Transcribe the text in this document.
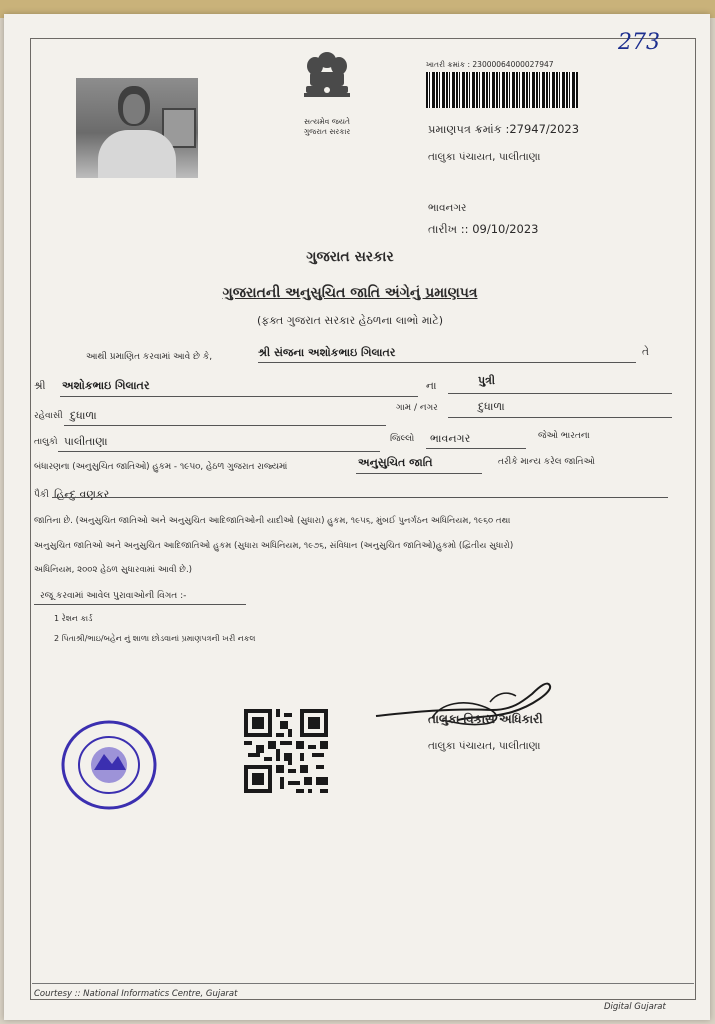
273
સત્યમેવ જયતે
ગુજરાત સરકાર
ખાતરી ક્રમાંક : 23000064000027947
પ્રમાણપત્ર ક્રમાંક :27947/2023
તાલુકા પંચાયત, પાલીતાણા
ભાવનગર
તારીખ :: 09/10/2023
ગુજરાત સરકાર
ગુજરાતની અનુસુચિત જાતિ અંગેનું પ્રમાણપત્ર
(ફક્ત ગુજરાત સરકાર હેઠળના લાભો માટે)
આથી પ્રમાણિત કરવામાં આવે છે કે,	શ્રી સંજના અશોકભાઇ ગિલાતર	તે
શ્રી અશોકભાઇ ગિલાતર	ના	પુત્રી
રહેવાસી દુધાળા
ગામ / નગર	દુધાળા
તાલુકો પાલીતાણા	જિલ્લો ભાવનગર	જેઓ ભારતના
બંધારણના (અનુસુચિત જાતિઓ) હુકમ - ૧૯૫૦, હેઠળ ગુજરાત રાજ્યમાં	અનુસુચિત જાતિ	તરીકે માન્ય કરેલ જાતિઓ
પૈકી હિન્દુ વણકર
જાતિના છે. (અનુસુચિત જાતિઓ અને અનુસુચિત આદિજાતિઓની યાદીઓ (સુધારા) હુકમ, ૧૯૫૬, મુંબઈ પુનર્ગઠન અધિનિયમ, ૧૯૬૦ તથા
અનુસુચિત જાતિઓ અને અનુસુચિત આદિજાતિઓ હુકમ (સુધારા અધિનિયમ, ૧૯૭૬, સંવિધાન (અનુસુચિત જાતિઓ)હુકમો (દ્વિતીય સુધારો)
અધિનિયમ, ૨૦૦૨ હેઠળ સુધારવામાં આવી છે.)
રજૂ કરવામાં આવેલ પુરાવાઓની વિગત :-
1 રેશન કાર્ડ
2 પિતાશ્રી/ભાઇ/બહેન નું શાળા છોડવાનાં પ્રમાણપત્રની ખરી નકલ
તાલુકા વિકાસ અધિકારી
તાલુકા પંચાયત, પાલીતાણા
Courtesy :: National Informatics Centre, Gujarat
Digital Gujarat
